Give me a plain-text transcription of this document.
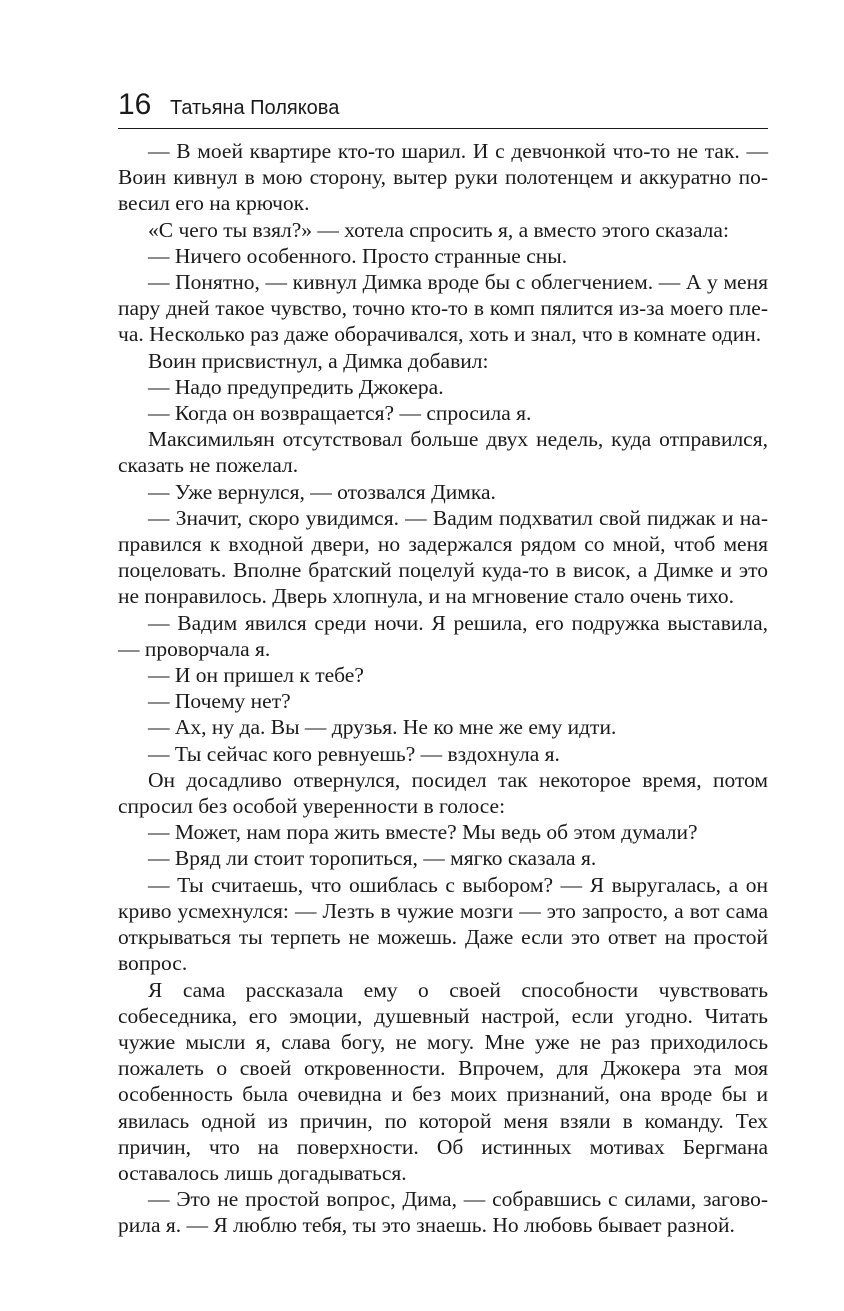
16 Татьяна Полякова

— В моей квартире кто-то шарил. И с девчонкой что-то не так. — Воин кивнул в мою сторону, вытер руки полотенцем и аккуратно повесил его на крючок.

«С чего ты взял?» — хотела спросить я, а вместо этого сказала:

— Ничего особенного. Просто странные сны.

— Понятно, — кивнул Димка вроде бы с облегчением. — А у меня пару дней такое чувство, точно кто-то в комп пялится из-за моего плеча. Несколько раз даже оборачивался, хоть и знал, что в комнате один.

Воин присвистнул, а Димка добавил:

— Надо предупредить Джокера.

— Когда он возвращается? — спросила я.

Максимильян отсутствовал больше двух недель, куда отправился, сказать не пожелал.

— Уже вернулся, — отозвался Димка.

— Значит, скоро увидимся. — Вадим подхватил свой пиджак и направился к входной двери, но задержался рядом со мной, чтоб меня поцеловать. Вполне братский поцелуй куда-то в висок, а Димке и это не понравилось. Дверь хлопнула, и на мгновение стало очень тихо.

— Вадим явился среди ночи. Я решила, его подружка выставила, — проворчала я.

— И он пришел к тебе?

— Почему нет?

— Ах, ну да. Вы — друзья. Не ко мне же ему идти.

— Ты сейчас кого ревнуешь? — вздохнула я.

Он досадливо отвернулся, посидел так некоторое время, потом спросил без особой уверенности в голосе:

— Может, нам пора жить вместе? Мы ведь об этом думали?

— Вряд ли стоит торопиться, — мягко сказала я.

— Ты считаешь, что ошиблась с выбором? — Я выругалась, а он криво усмехнулся: — Лезть в чужие мозги — это запросто, а вот сама открываться ты терпеть не можешь. Даже если это ответ на простой вопрос.

Я сама рассказала ему о своей способности чувствовать собеседника, его эмоции, душевный настрой, если угодно. Читать чужие мысли я, слава богу, не могу. Мне уже не раз приходилось пожалеть о своей откровенности. Впрочем, для Джокера эта моя особенность была очевидна и без моих признаний, она вроде бы и явилась одной из причин, по которой меня взяли в команду. Тех причин, что на поверхности. Об истинных мотивах Бергмана оставалось лишь догадываться.

— Это не простой вопрос, Дима, — собравшись с силами, заговорила я. — Я люблю тебя, ты это знаешь. Но любовь бывает разной.
